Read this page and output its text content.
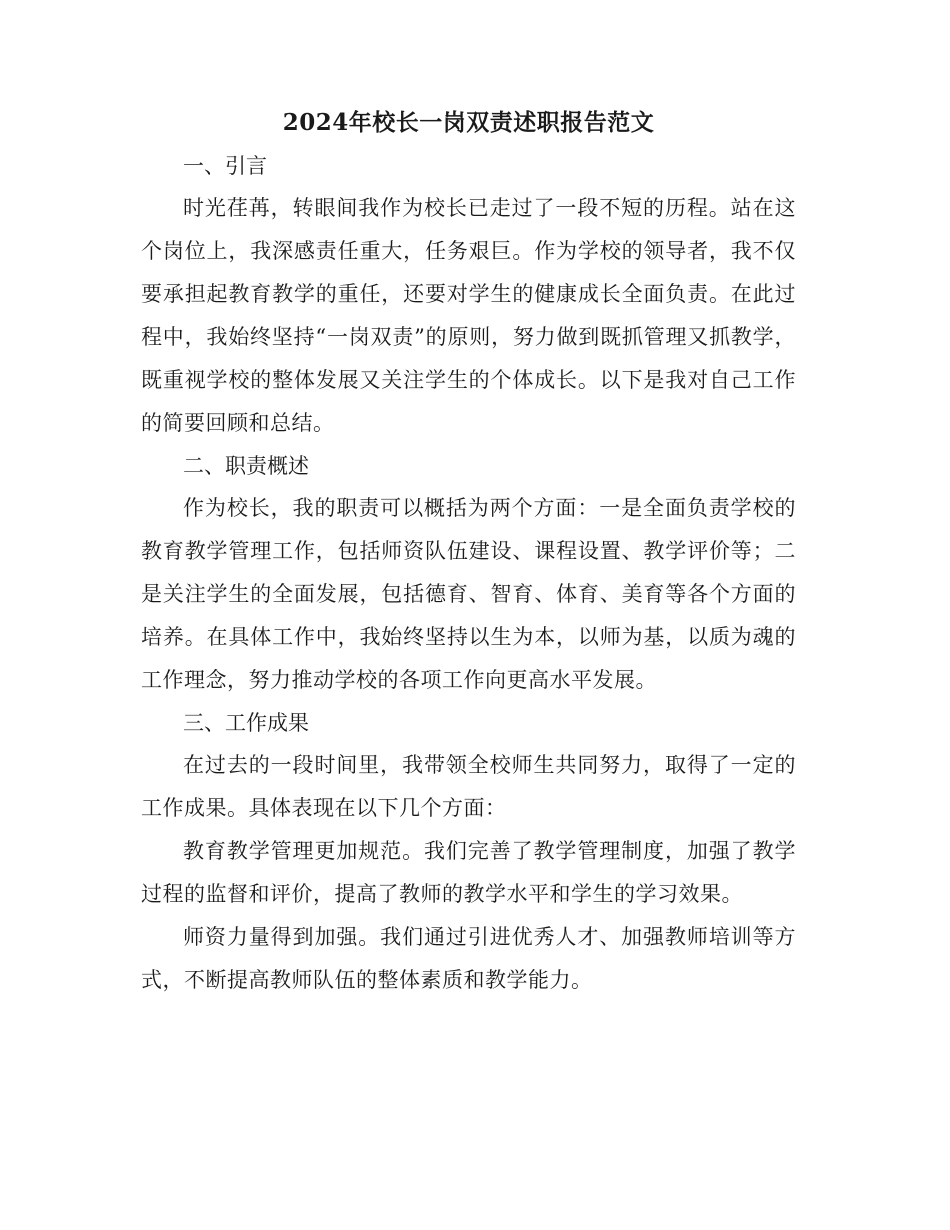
2024年校长一岗双责述职报告范文

一、引言

时光荏苒，转眼间我作为校长已走过了一段不短的历程。站在这个岗位上，我深感责任重大，任务艰巨。作为学校的领导者，我不仅要承担起教育教学的重任，还要对学生的健康成长全面负责。在此过程中，我始终坚持“一岗双责”的原则，努力做到既抓管理又抓教学，既重视学校的整体发展又关注学生的个体成长。以下是我对自己工作的简要回顾和总结。

二、职责概述

作为校长，我的职责可以概括为两个方面：一是全面负责学校的教育教学管理工作，包括师资队伍建设、课程设置、教学评价等；二是关注学生的全面发展，包括德育、智育、体育、美育等各个方面的培养。在具体工作中，我始终坚持以生为本，以师为基，以质为魂的工作理念，努力推动学校的各项工作向更高水平发展。

三、工作成果

在过去的一段时间里，我带领全校师生共同努力，取得了一定的工作成果。具体表现在以下几个方面：

教育教学管理更加规范。我们完善了教学管理制度，加强了教学过程的监督和评价，提高了教师的教学水平和学生的学习效果。

师资力量得到加强。我们通过引进优秀人才、加强教师培训等方式，不断提高教师队伍的整体素质和教学能力。
